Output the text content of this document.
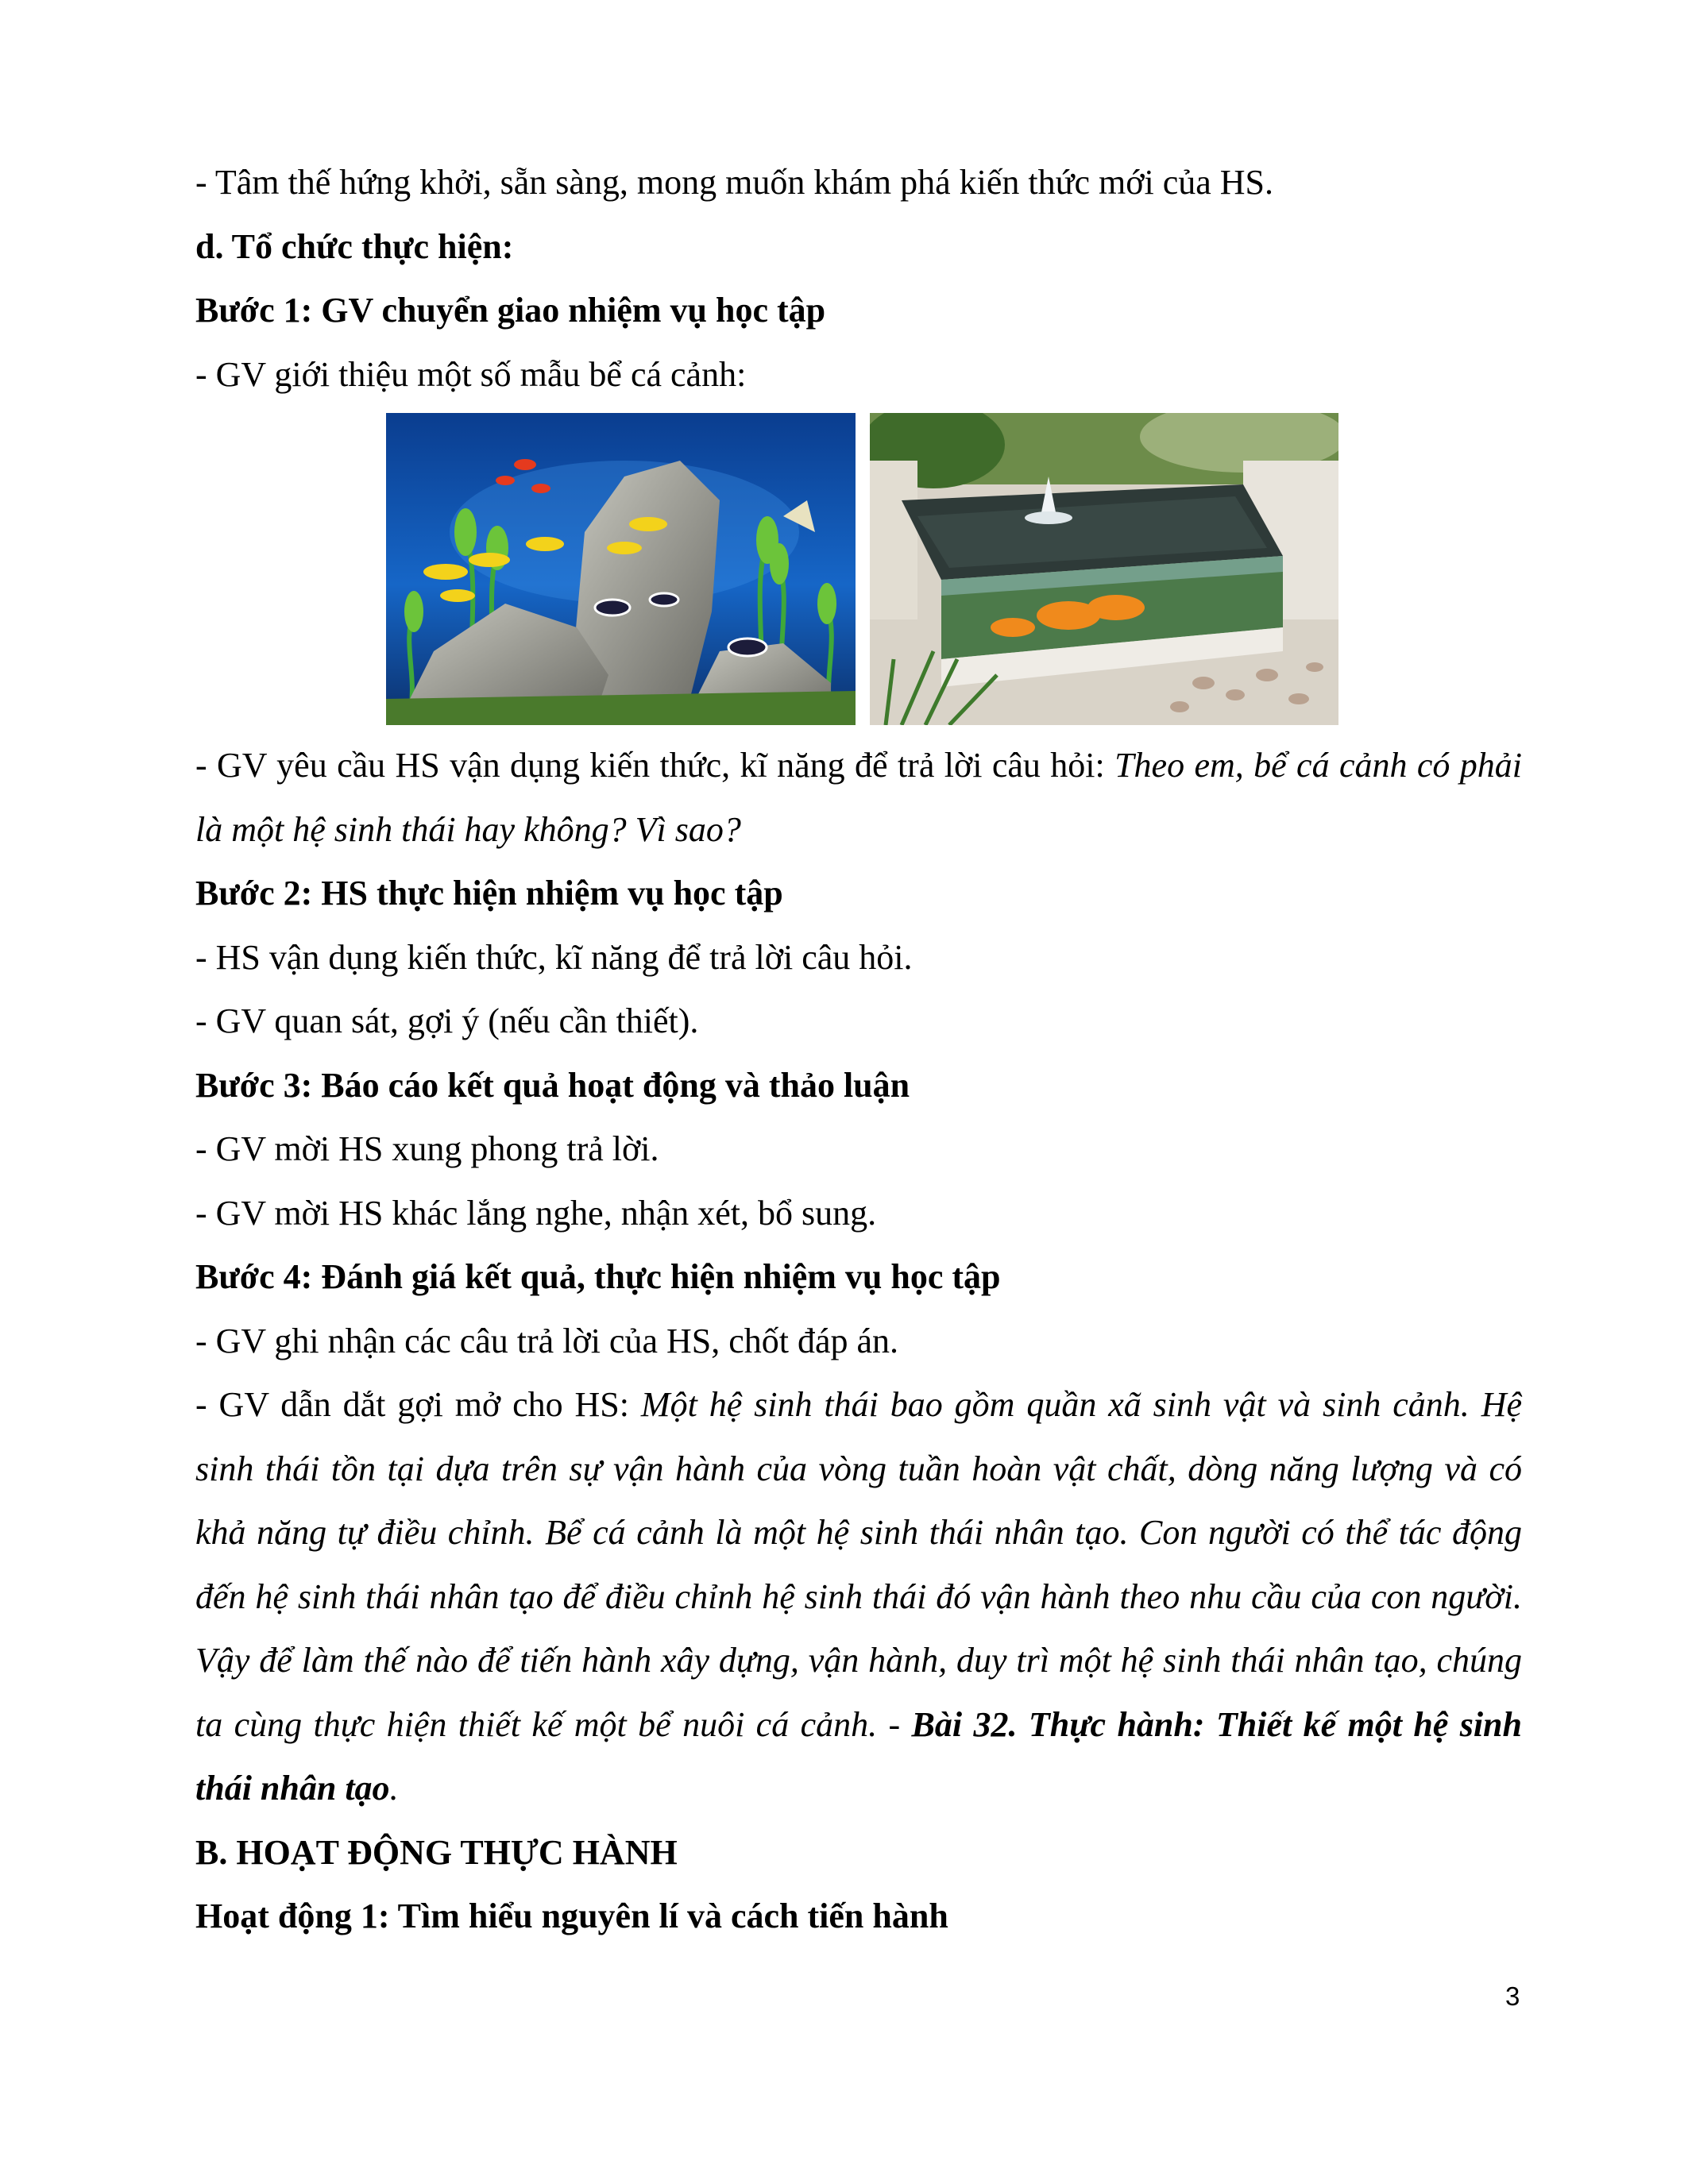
- Tâm thế hứng khởi, sẵn sàng, mong muốn khám phá kiến thức mới của HS.
d. Tổ chức thực hiện:
Bước 1: GV chuyển giao nhiệm vụ học tập
- GV giới thiệu một số mẫu bể cá cảnh:
- GV yêu cầu HS vận dụng kiến thức, kĩ năng để trả lời câu hỏi: Theo em, bể cá cảnh có phải là một hệ sinh thái hay không? Vì sao?
Bước 2: HS thực hiện nhiệm vụ học tập
- HS vận dụng kiến thức, kĩ năng để trả lời câu hỏi.
- GV quan sát, gợi ý (nếu cần thiết).
Bước 3: Báo cáo kết quả hoạt động và thảo luận
- GV mời HS xung phong trả lời.
- GV mời HS khác lắng nghe, nhận xét, bổ sung.
Bước 4: Đánh giá kết quả, thực hiện nhiệm vụ học tập
- GV ghi nhận các câu trả lời của HS, chốt đáp án.
- GV dẫn dắt gợi mở cho HS: Một hệ sinh thái bao gồm quần xã sinh vật và sinh cảnh. Hệ sinh thái tồn tại dựa trên sự vận hành của vòng tuần hoàn vật chất, dòng năng lượng và có khả năng tự điều chỉnh. Bể cá cảnh là một hệ sinh thái nhân tạo. Con người có thể tác động đến hệ sinh thái nhân tạo để điều chỉnh hệ sinh thái đó vận hành theo nhu cầu của con người. Vậy để làm thế nào để tiến hành xây dựng, vận hành, duy trì một hệ sinh thái nhân tạo, chúng ta cùng thực hiện thiết kế một bể nuôi cá cảnh. - Bài 32. Thực hành: Thiết kế một hệ sinh thái nhân tạo.
B. HOẠT ĐỘNG THỰC HÀNH
Hoạt động 1: Tìm hiểu nguyên lí và cách tiến hành
3
